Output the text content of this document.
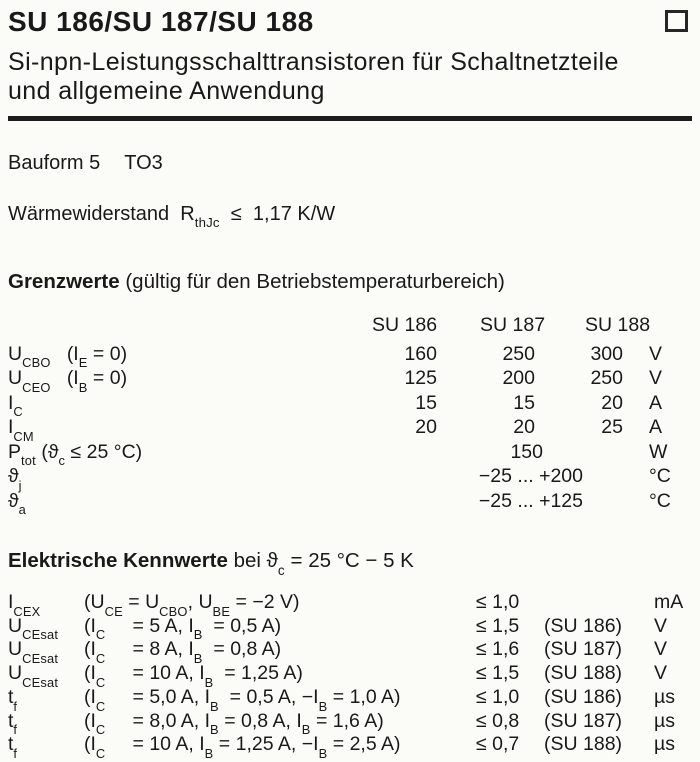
SU 186/SU 187/SU 188
Si-npn-Leistungsschalttransistoren für Schaltnetzteile
und allgemeine Anwendung
Bauform 5 TO3
Wärmewiderstand  $R_{thJc} \le 1,17$ K/W
Grenzwerte (gültig für den Betriebstemperaturbereich)
SU 186 SU 187 SU 188
$U_{CBO}$   $(I_E = 0)$	160	250	300	V
$U_{CEO}$   $(I_B = 0)$	125	200	250	V
$I_C$	15	15	20	A
$I_{CM}$	20	20	25	A
$P_{tot}$ ($ϑ_c \le 25$ °C)	150	W
$ϑ_j$	−25 ... +200	°C
$ϑ_a$	−25 ... +125	°C
Elektrische Kennwerte bei $ϑ_c = 25$ °C − 5 K
$I_{CEX}$	($U_{CE} = U_{CBO}$, $U_{BE} = -2$ V)	≤ 1,0	mA
$U_{CEsat}$	($I_C$     = 5 A, $I_B = 0,5$ A)	≤ 1,5	(SU 186)	V
$U_{CEsat}$	($I_C$     = 8 A, $I_B = 0,8$ A)	≤ 1,6	(SU 187)	V
$U_{CEsat}$	($I_C$     = 10 A, $I_B = 1,25$ A)	≤ 1,5	(SU 188)	V
$t_f$	($I_C$     = 5,0 A, $I_B = 0,5$ A, $-I_B = 1,0$ A)	≤ 1,0	(SU 186)	µs
$t_f$	($I_C$     = 8,0 A, $I_B = 0,8$ A, $I_B = 1,6$ A)	≤ 0,8	(SU 187)	µs
$t_f$	($I_C$     = 10 A, $I_B = 1,25$ A, $-I_B = 2,5$ A)	≤ 0,7	(SU 188)	µs
